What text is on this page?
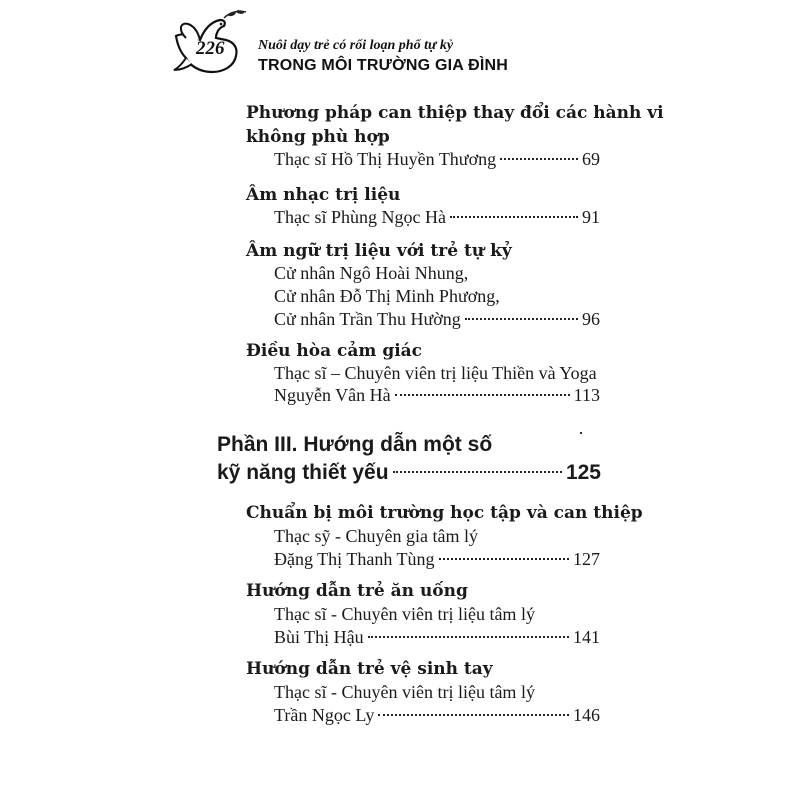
226 Nuôi dạy trẻ có rối loạn phổ tự kỷ
TRONG MÔI TRƯỜNG GIA ĐÌNH
Phương pháp can thiệp thay đổi các hành vi
không phù hợp
Thạc sĩ Hồ Thị Huyền Thương	69
Âm nhạc trị liệu
Thạc sĩ Phùng Ngọc Hà	91
Âm ngữ trị liệu với trẻ tự kỷ
Cử nhân Ngô Hoài Nhung,
Cử nhân Đỗ Thị Minh Phương,
Cử nhân Trần Thu Hường	96
Điều hòa cảm giác
Thạc sĩ – Chuyên viên trị liệu Thiền và Yoga
Nguyễn Vân Hà	113
Phần III. Hướng dẫn một số
kỹ năng thiết yếu	125
Chuẩn bị môi trường học tập và can thiệp
Thạc sỹ - Chuyên gia tâm lý
Đặng Thị Thanh Tùng	127
Hướng dẫn trẻ ăn uống
Thạc sĩ - Chuyên viên trị liệu tâm lý
Bùi Thị Hậu	141
Hướng dẫn trẻ vệ sinh tay
Thạc sĩ - Chuyên viên trị liệu tâm lý
Trần Ngọc Ly	146
